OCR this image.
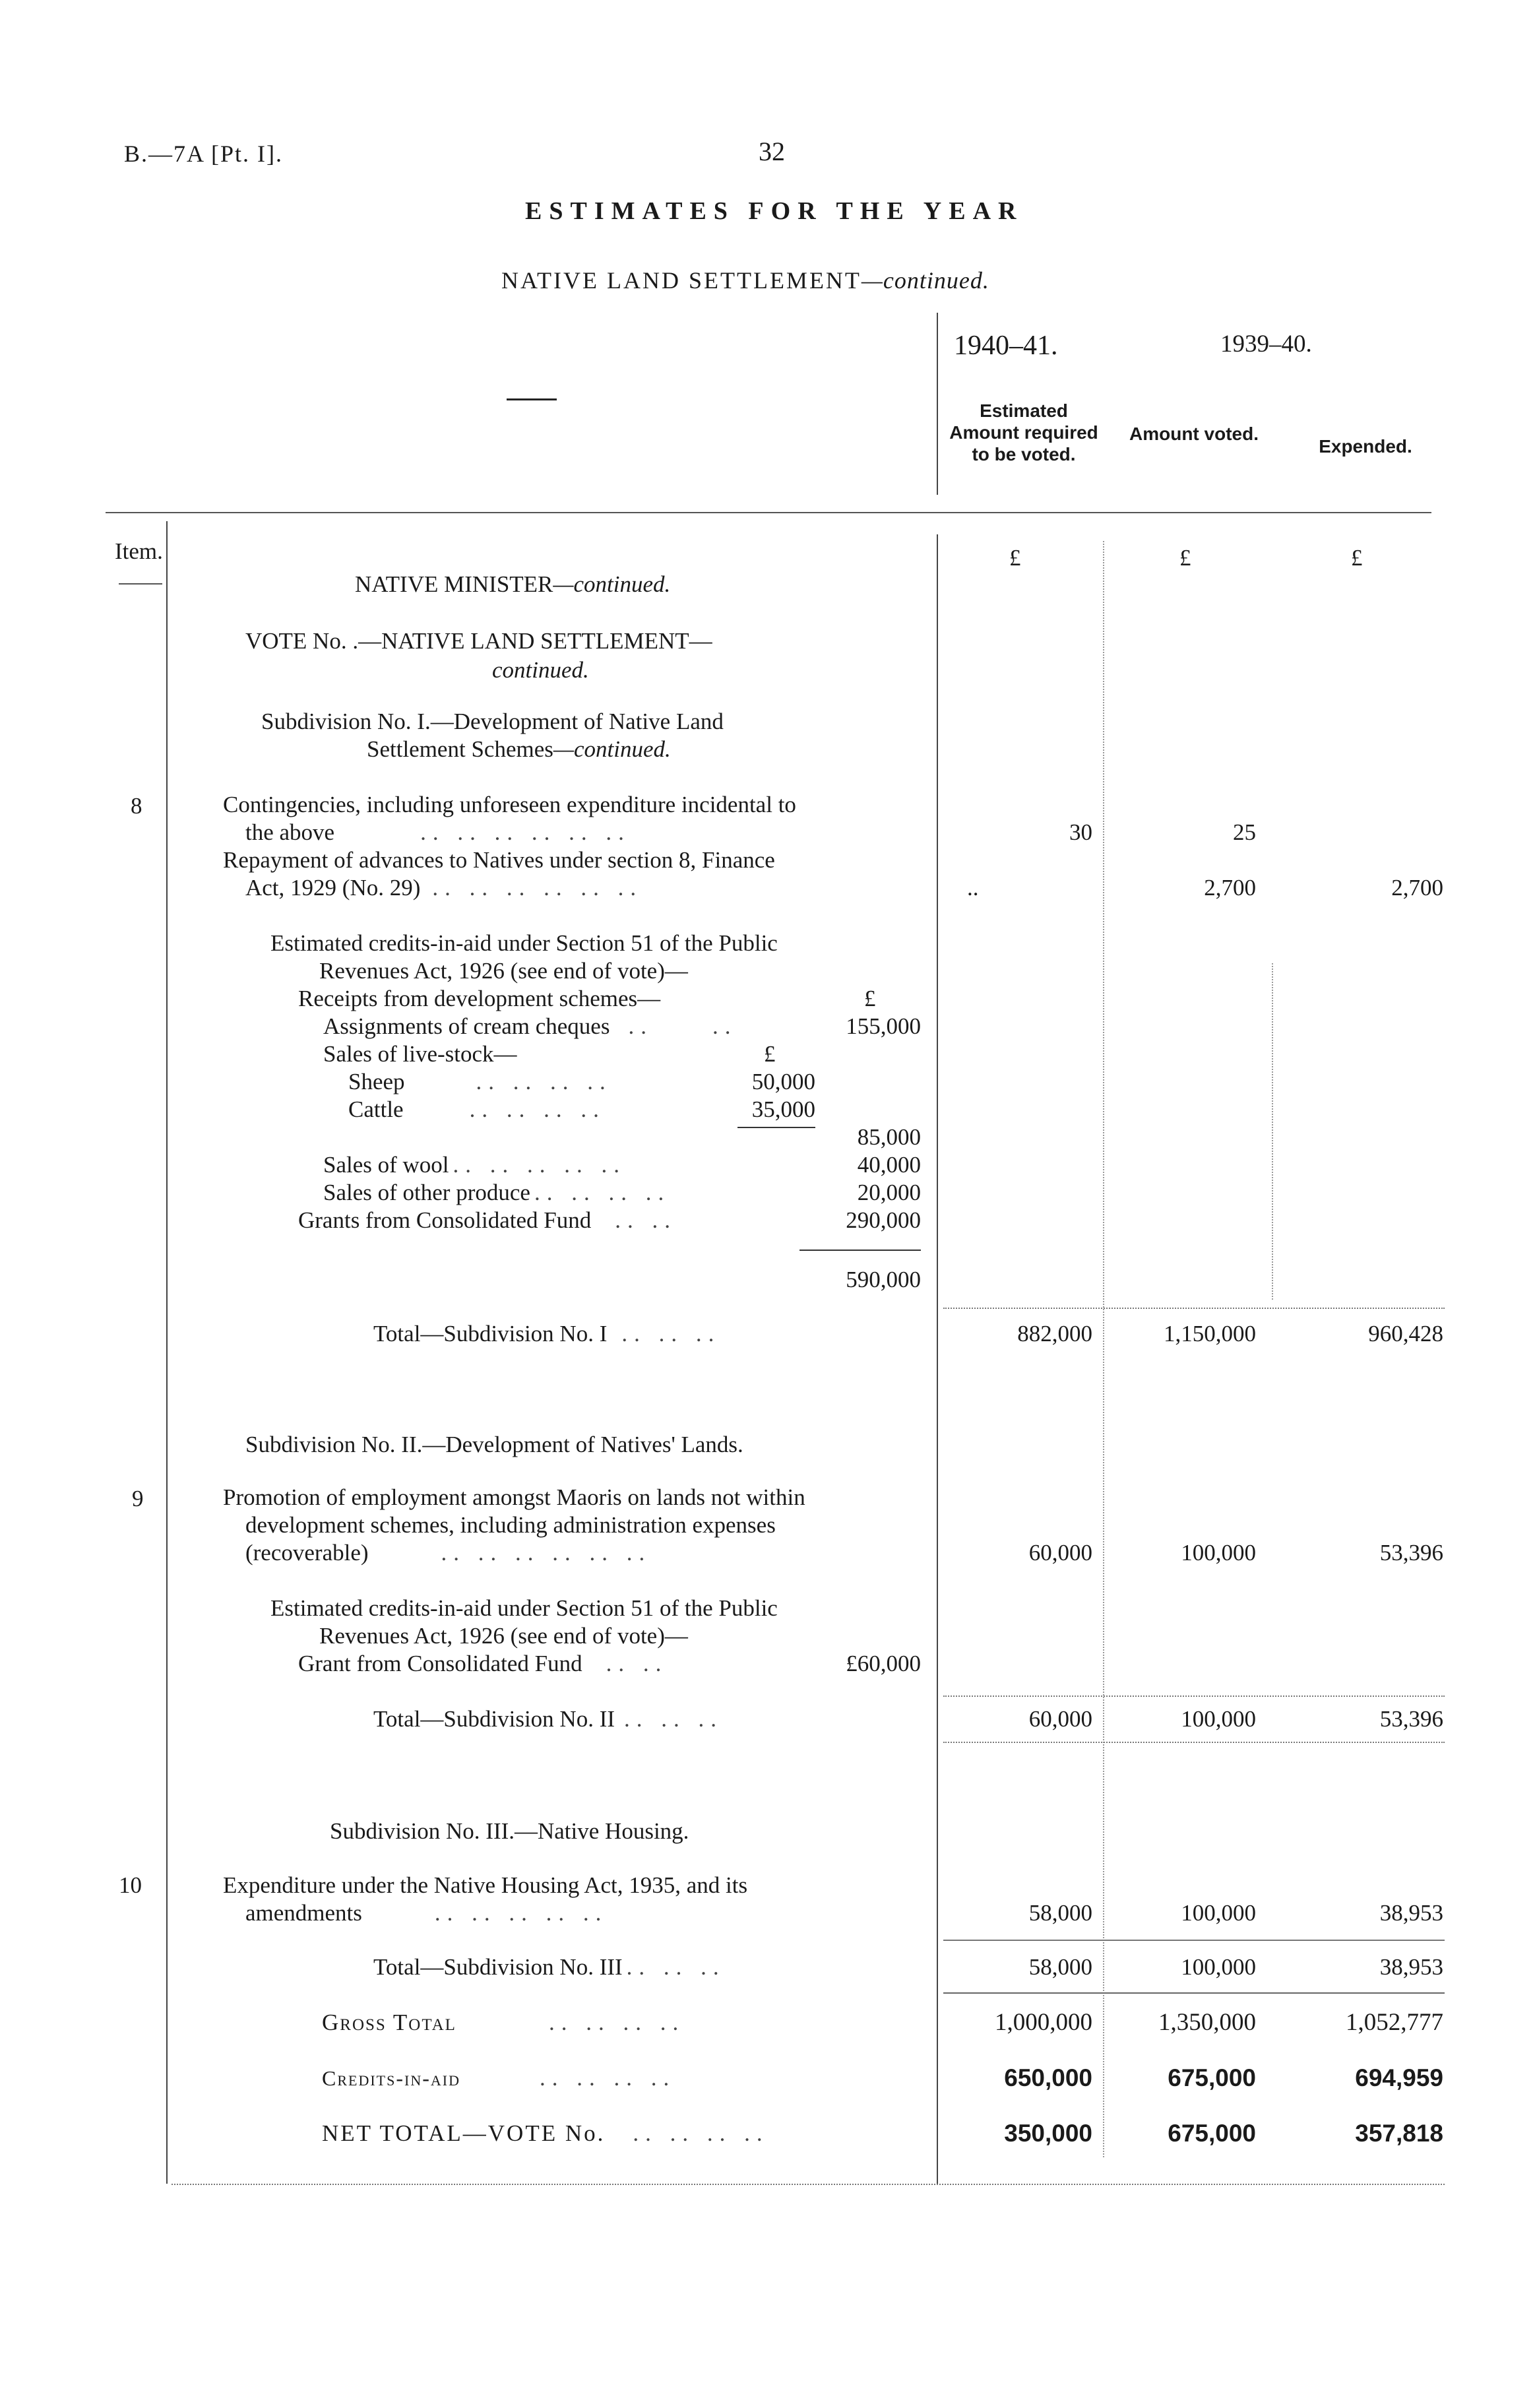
B.—7A [Pt. I].	32
ESTIMATES FOR THE YEAR
NATIVE LAND SETTLEMENT—continued.
1940–41.	1939–40.
Estimated Amount required to be voted.
Amount voted.
Expended.
Item.	£	£	£
NATIVE MINISTER—continued.
VOTE No. .—NATIVE LAND SETTLEMENT—
continued.
Subdivision No. I.—Development of Native Land
Settlement Schemes—continued.
8	Contingencies, including unforeseen expenditure incidental to
the above	.. .. .. .. .. ..	30	25
Repayment of advances to Natives under section 8, Finance
Act, 1929 (No. 29) .. .. .. .. .. ..	..	2,700	2,700
Estimated credits-in-aid under Section 51 of the Public
Revenues Act, 1926 (see end of vote)—
Receipts from development schemes—	£
Assignments of cream cheques ..	..	155,000
Sales of live-stock—	£
Sheep	.. .. .. ..	50,000
Cattle	.. .. .. ..	35,000
85,000
Sales of wool .. .. .. .. ..	40,000
Sales of other produce .. .. .. ..	20,000
Grants from Consolidated Fund .. ..	290,000
590,000
Total—Subdivision No. I .. .. ..	882,000	1,150,000	960,428
Subdivision No. II.—Development of Natives' Lands.
9	Promotion of employment amongst Maoris on lands not within
development schemes, including administration expenses
(recoverable)	.. .. .. .. .. ..	60,000	100,000	53,396
Estimated credits-in-aid under Section 51 of the Public
Revenues Act, 1926 (see end of vote)—
Grant from Consolidated Fund .. ..	£60,000
Total—Subdivision No. II .. .. ..	60,000	100,000	53,396
Subdivision No. III.—Native Housing.
10	Expenditure under the Native Housing Act, 1935, and its
amendments	.. .. .. .. ..	58,000	100,000	38,953
Total—Subdivision No. III .. .. ..	58,000	100,000	38,953
Gross Total	.. .. .. ..	1,000,000	1,350,000	1,052,777
Credits-in-aid	.. .. .. ..	650,000	675,000	694,959
NET TOTAL—VOTE No. .. .. .. ..	350,000	675,000	357,818
